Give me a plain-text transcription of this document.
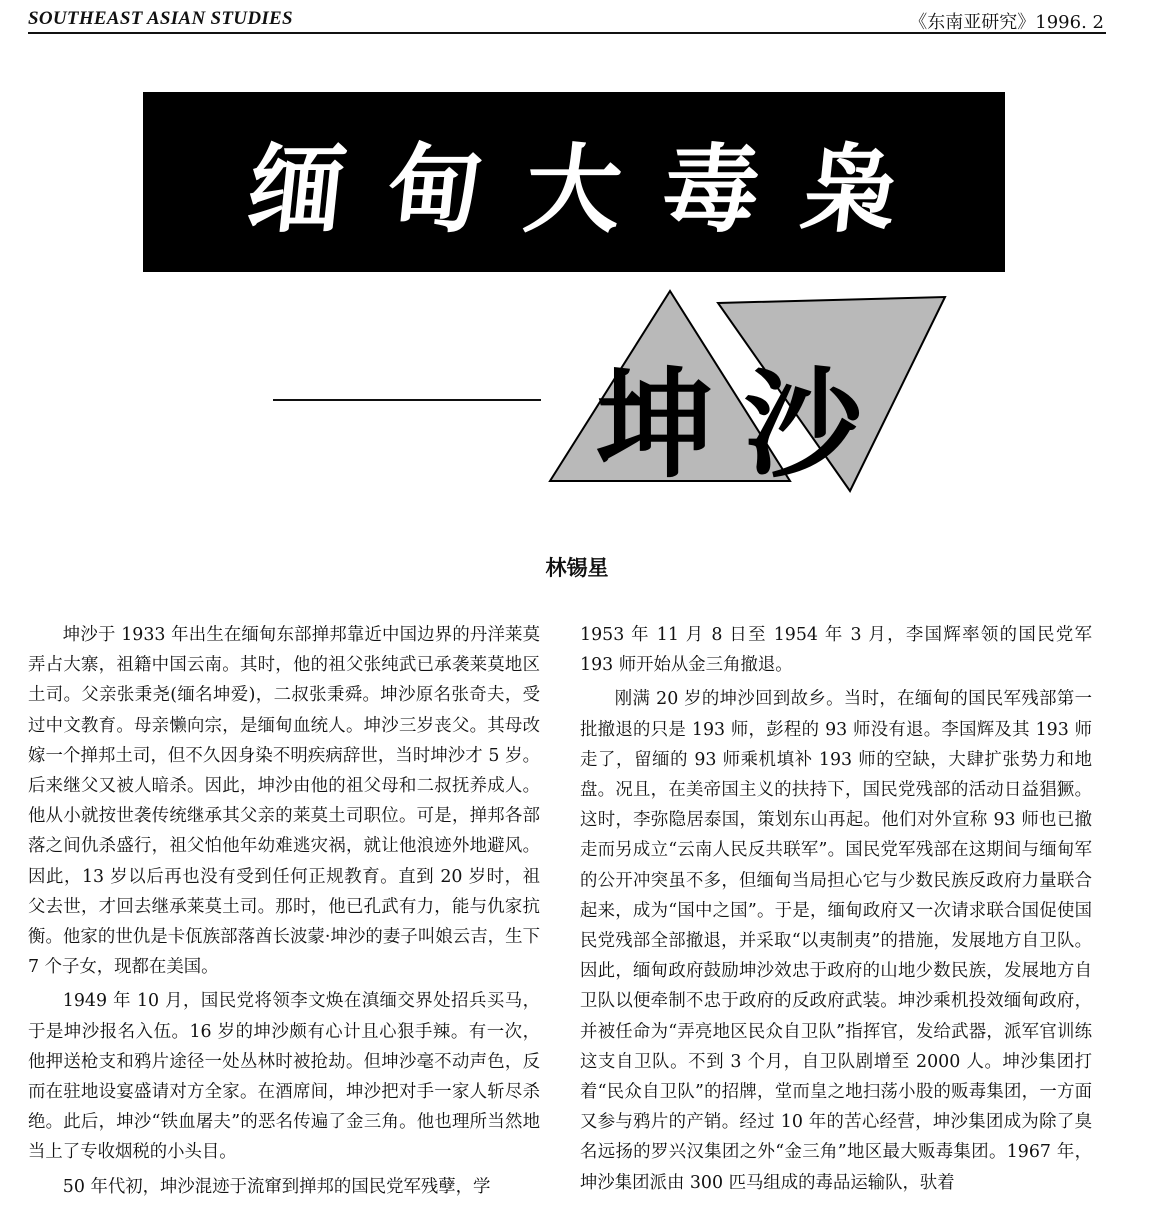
SOUTHEAST ASIAN STUDIES	《东南亚研究》1996. 2
缅甸大毒枭
坤沙
林锡星

坤沙于 1933 年出生在缅甸东部掸邦靠近中国边界的丹洋莱莫弄占大寨，祖籍中国云南。其时，他的祖父张纯武已承袭莱莫地区土司。父亲张秉尧(缅名坤爱)，二叔张秉舜。坤沙原名张奇夫，受过中文教育。母亲懒向宗，是缅甸血统人。坤沙三岁丧父。其母改嫁一个掸邦土司，但不久因身染不明疾病辞世，当时坤沙才 5 岁。后来继父又被人暗杀。因此，坤沙由他的祖父母和二叔抚养成人。他从小就按世袭传统继承其父亲的莱莫土司职位。可是，掸邦各部落之间仇杀盛行，祖父怕他年幼难逃灾祸，就让他浪迹外地避风。因此，13 岁以后再也没有受到任何正规教育。直到 20 岁时，祖父去世，才回去继承莱莫土司。那时，他已孔武有力，能与仇家抗衡。他家的世仇是卡佤族部落酋长波蒙·坤沙的妻子叫娘云吉，生下 7 个子女，现都在美国。

1949 年 10 月，国民党将领李文焕在滇缅交界处招兵买马，于是坤沙报名入伍。16 岁的坤沙颇有心计且心狠手辣。有一次，他押送枪支和鸦片途径一处丛林时被抢劫。但坤沙毫不动声色，反而在驻地设宴盛请对方全家。在酒席间，坤沙把对手一家人斩尽杀绝。此后，坤沙“铁血屠夫”的恶名传遍了金三角。他也理所当然地当上了专收烟税的小头目。

50 年代初，坤沙混迹于流窜到掸邦的国民党军残孽，学

1953 年 11 月 8 日至 1954 年 3 月，李国辉率领的国民党军 193 师开始从金三角撤退。

刚满 20 岁的坤沙回到故乡。当时，在缅甸的国民军残部第一批撤退的只是 193 师，彭程的 93 师没有退。李国辉及其 193 师走了，留缅的 93 师乘机填补 193 师的空缺，大肆扩张势力和地盘。况且，在美帝国主义的扶持下，国民党残部的活动日益猖獗。这时，李弥隐居泰国，策划东山再起。他们对外宣称 93 师也已撤走而另成立“云南人民反共联军”。国民党军残部在这期间与缅甸军的公开冲突虽不多，但缅甸当局担心它与少数民族反政府力量联合起来，成为“国中之国”。于是，缅甸政府又一次请求联合国促使国民党残部全部撤退，并采取“以夷制夷”的措施，发展地方自卫队。因此，缅甸政府鼓励坤沙效忠于政府的山地少数民族，发展地方自卫队以便牵制不忠于政府的反政府武装。坤沙乘机投效缅甸政府，并被任命为“弄亮地区民众自卫队”指挥官，发给武器，派军官训练这支自卫队。不到 3 个月，自卫队剧增至 2000 人。坤沙集团打着“民众自卫队”的招牌，堂而皇之地扫荡小股的贩毒集团，一方面又参与鸦片的产销。经过 10 年的苦心经营，坤沙集团成为除了臭名远扬的罗兴汉集团之外“金三角”地区最大贩毒集团。1967 年，坤沙集团派由 300 匹马组成的毒品运输队，驮着
